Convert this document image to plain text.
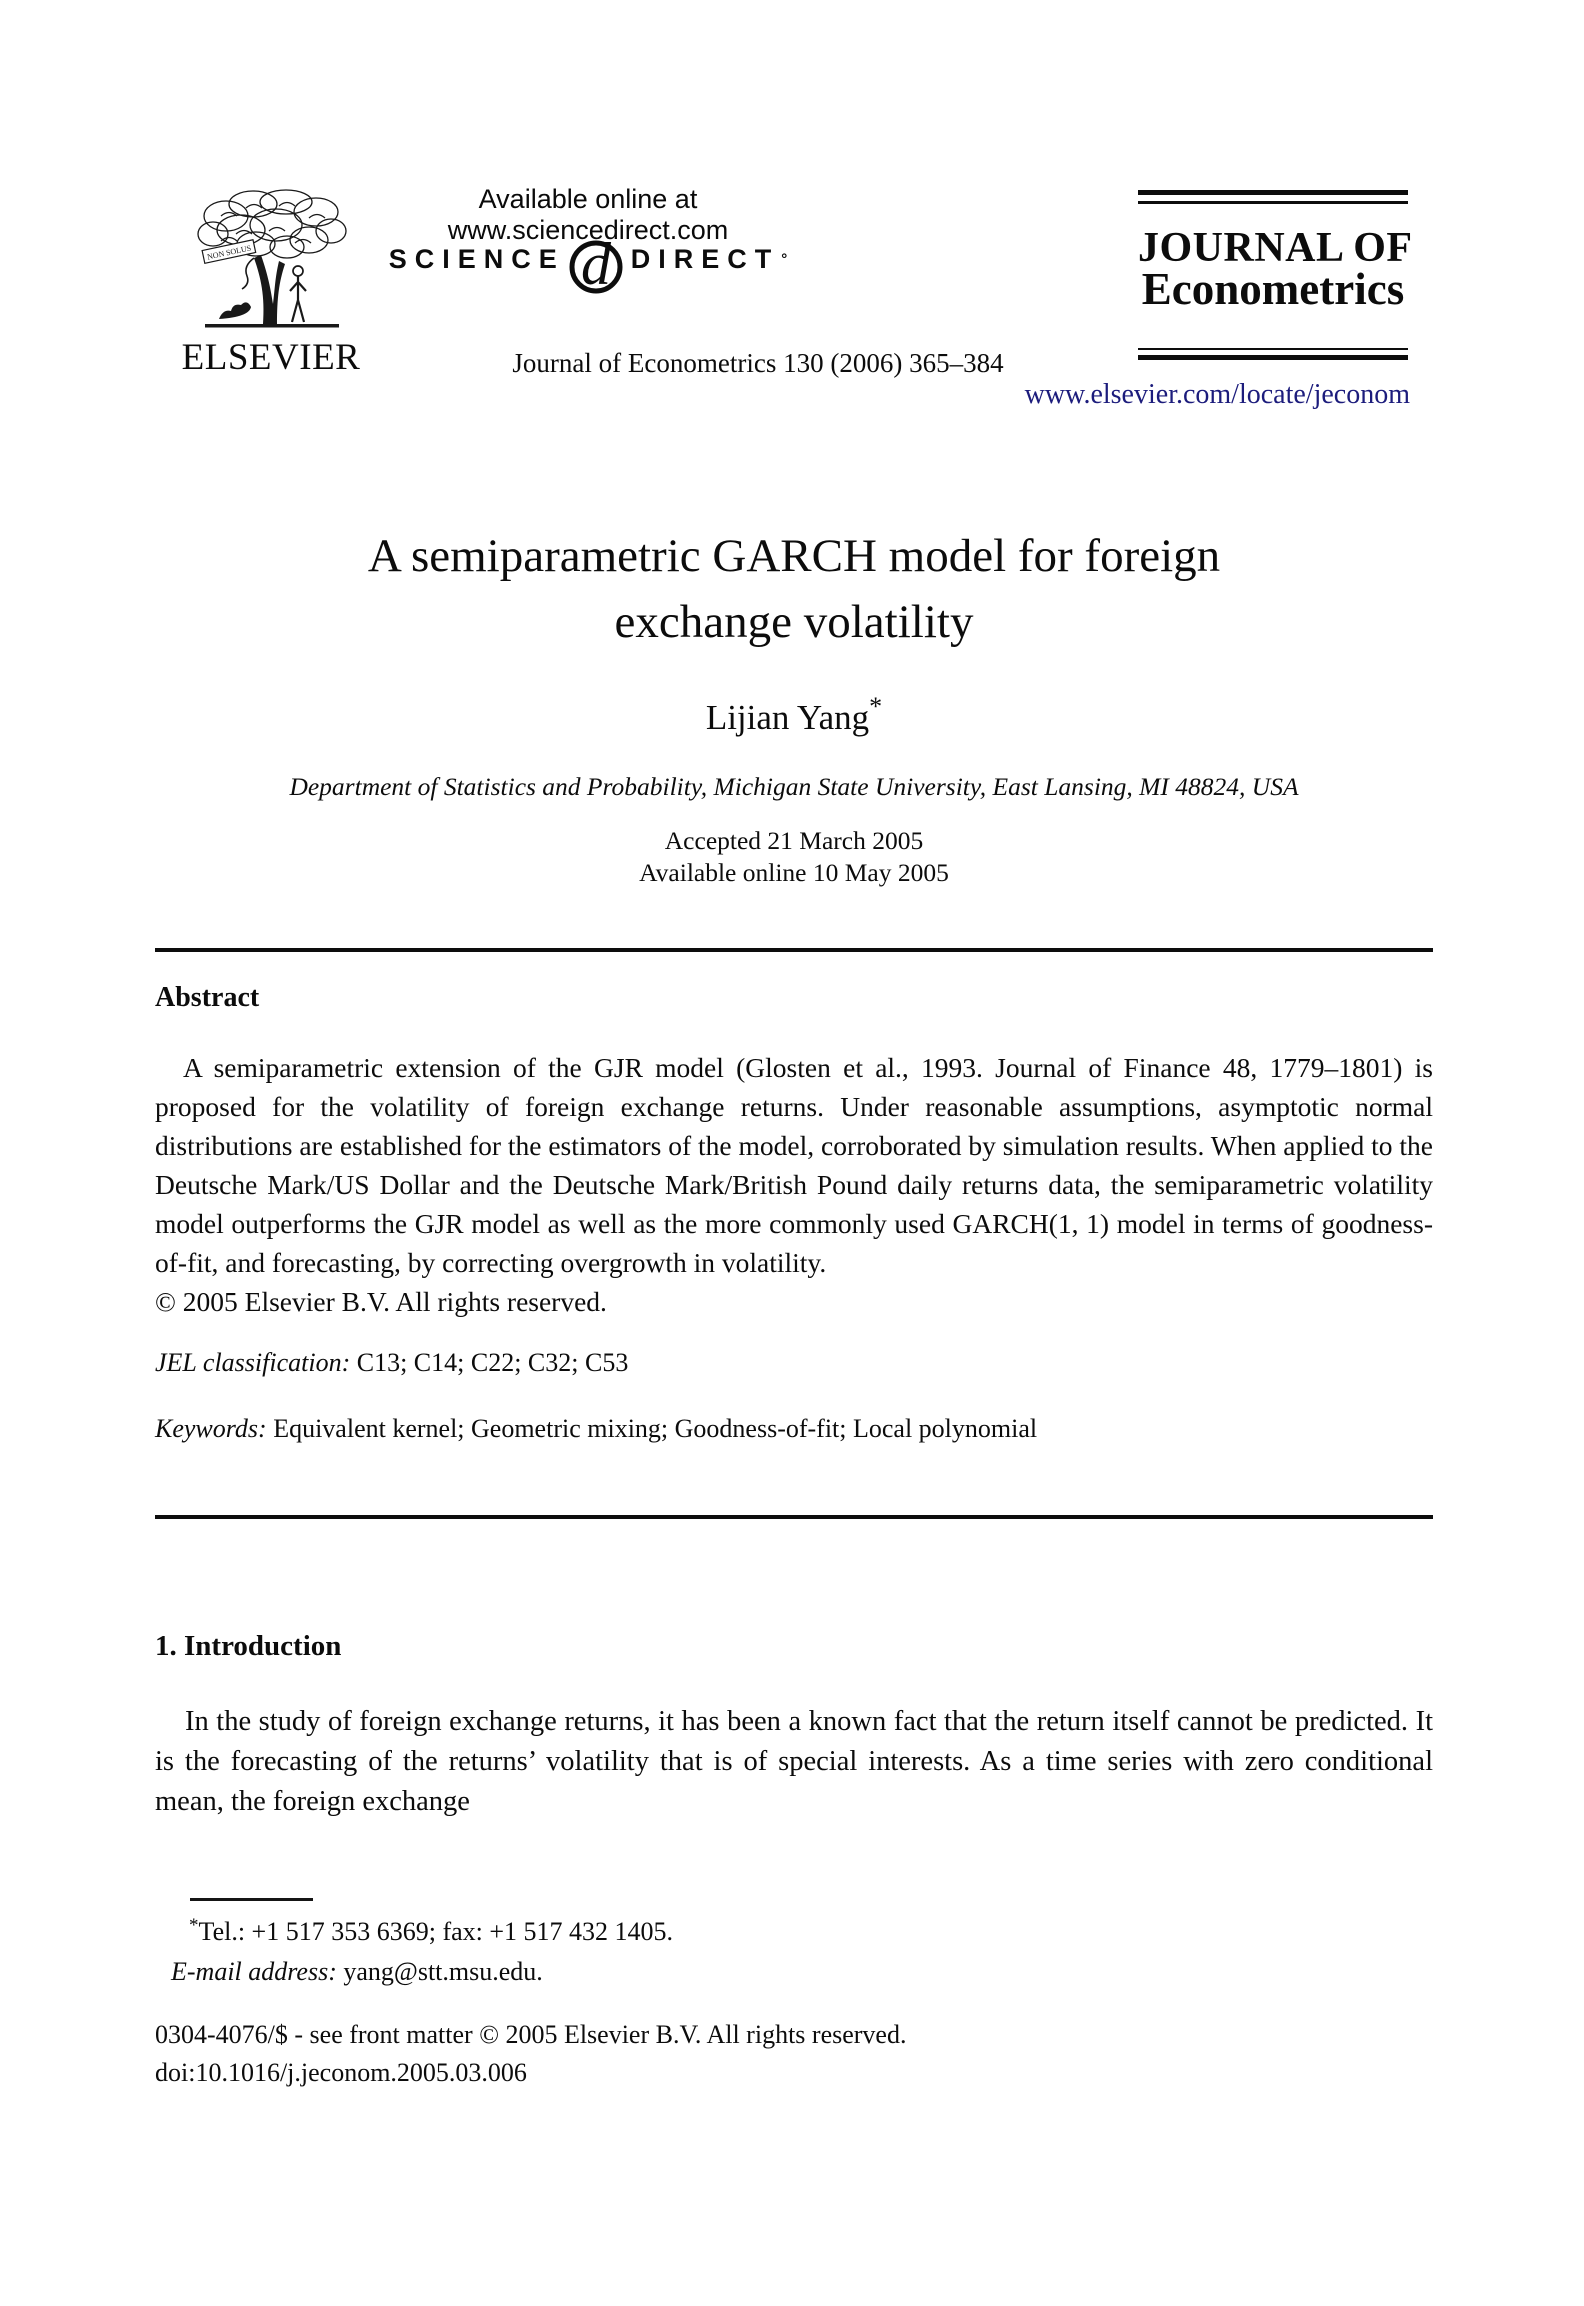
NON SOLUS
ELSEVIER
Available online at www.sciencedirect.com
SCIENCE d DIRECT °
Journal of Econometrics 130 (2006) 365–384
JOURNAL OF
Econometrics
www.elsevier.com/locate/jeconom
A semiparametric GARCH model for foreign
exchange volatility
Lijian Yang*
Department of Statistics and Probability, Michigan State University, East Lansing, MI 48824, USA
Accepted 21 March 2005
Available online 10 May 2005
Abstract

A semiparametric extension of the GJR model (Glosten et al., 1993. Journal of Finance 48, 1779–1801) is proposed for the volatility of foreign exchange returns. Under reasonable assumptions, asymptotic normal distributions are established for the estimators of the model, corroborated by simulation results. When applied to the Deutsche Mark/US Dollar and the Deutsche Mark/British Pound daily returns data, the semiparametric volatility model outperforms the GJR model as well as the more commonly used GARCH(1, 1) model in terms of goodness-of-fit, and forecasting, by correcting overgrowth in volatility.

© 2005 Elsevier B.V. All rights reserved.
JEL classification: C13; C14; C22; C32; C53
Keywords: Equivalent kernel; Geometric mixing; Goodness-of-fit; Local polynomial
1. Introduction

In the study of foreign exchange returns, it has been a known fact that the return itself cannot be predicted. It is the forecasting of the returns’ volatility that is of special interests. As a time series with zero conditional mean, the foreign exchange

*Tel.: +1 517 353 6369; fax: +1 517 432 1405.
E-mail address: yang@stt.msu.edu.
0304-4076/$ - see front matter © 2005 Elsevier B.V. All rights reserved.
doi:10.1016/j.jeconom.2005.03.006
